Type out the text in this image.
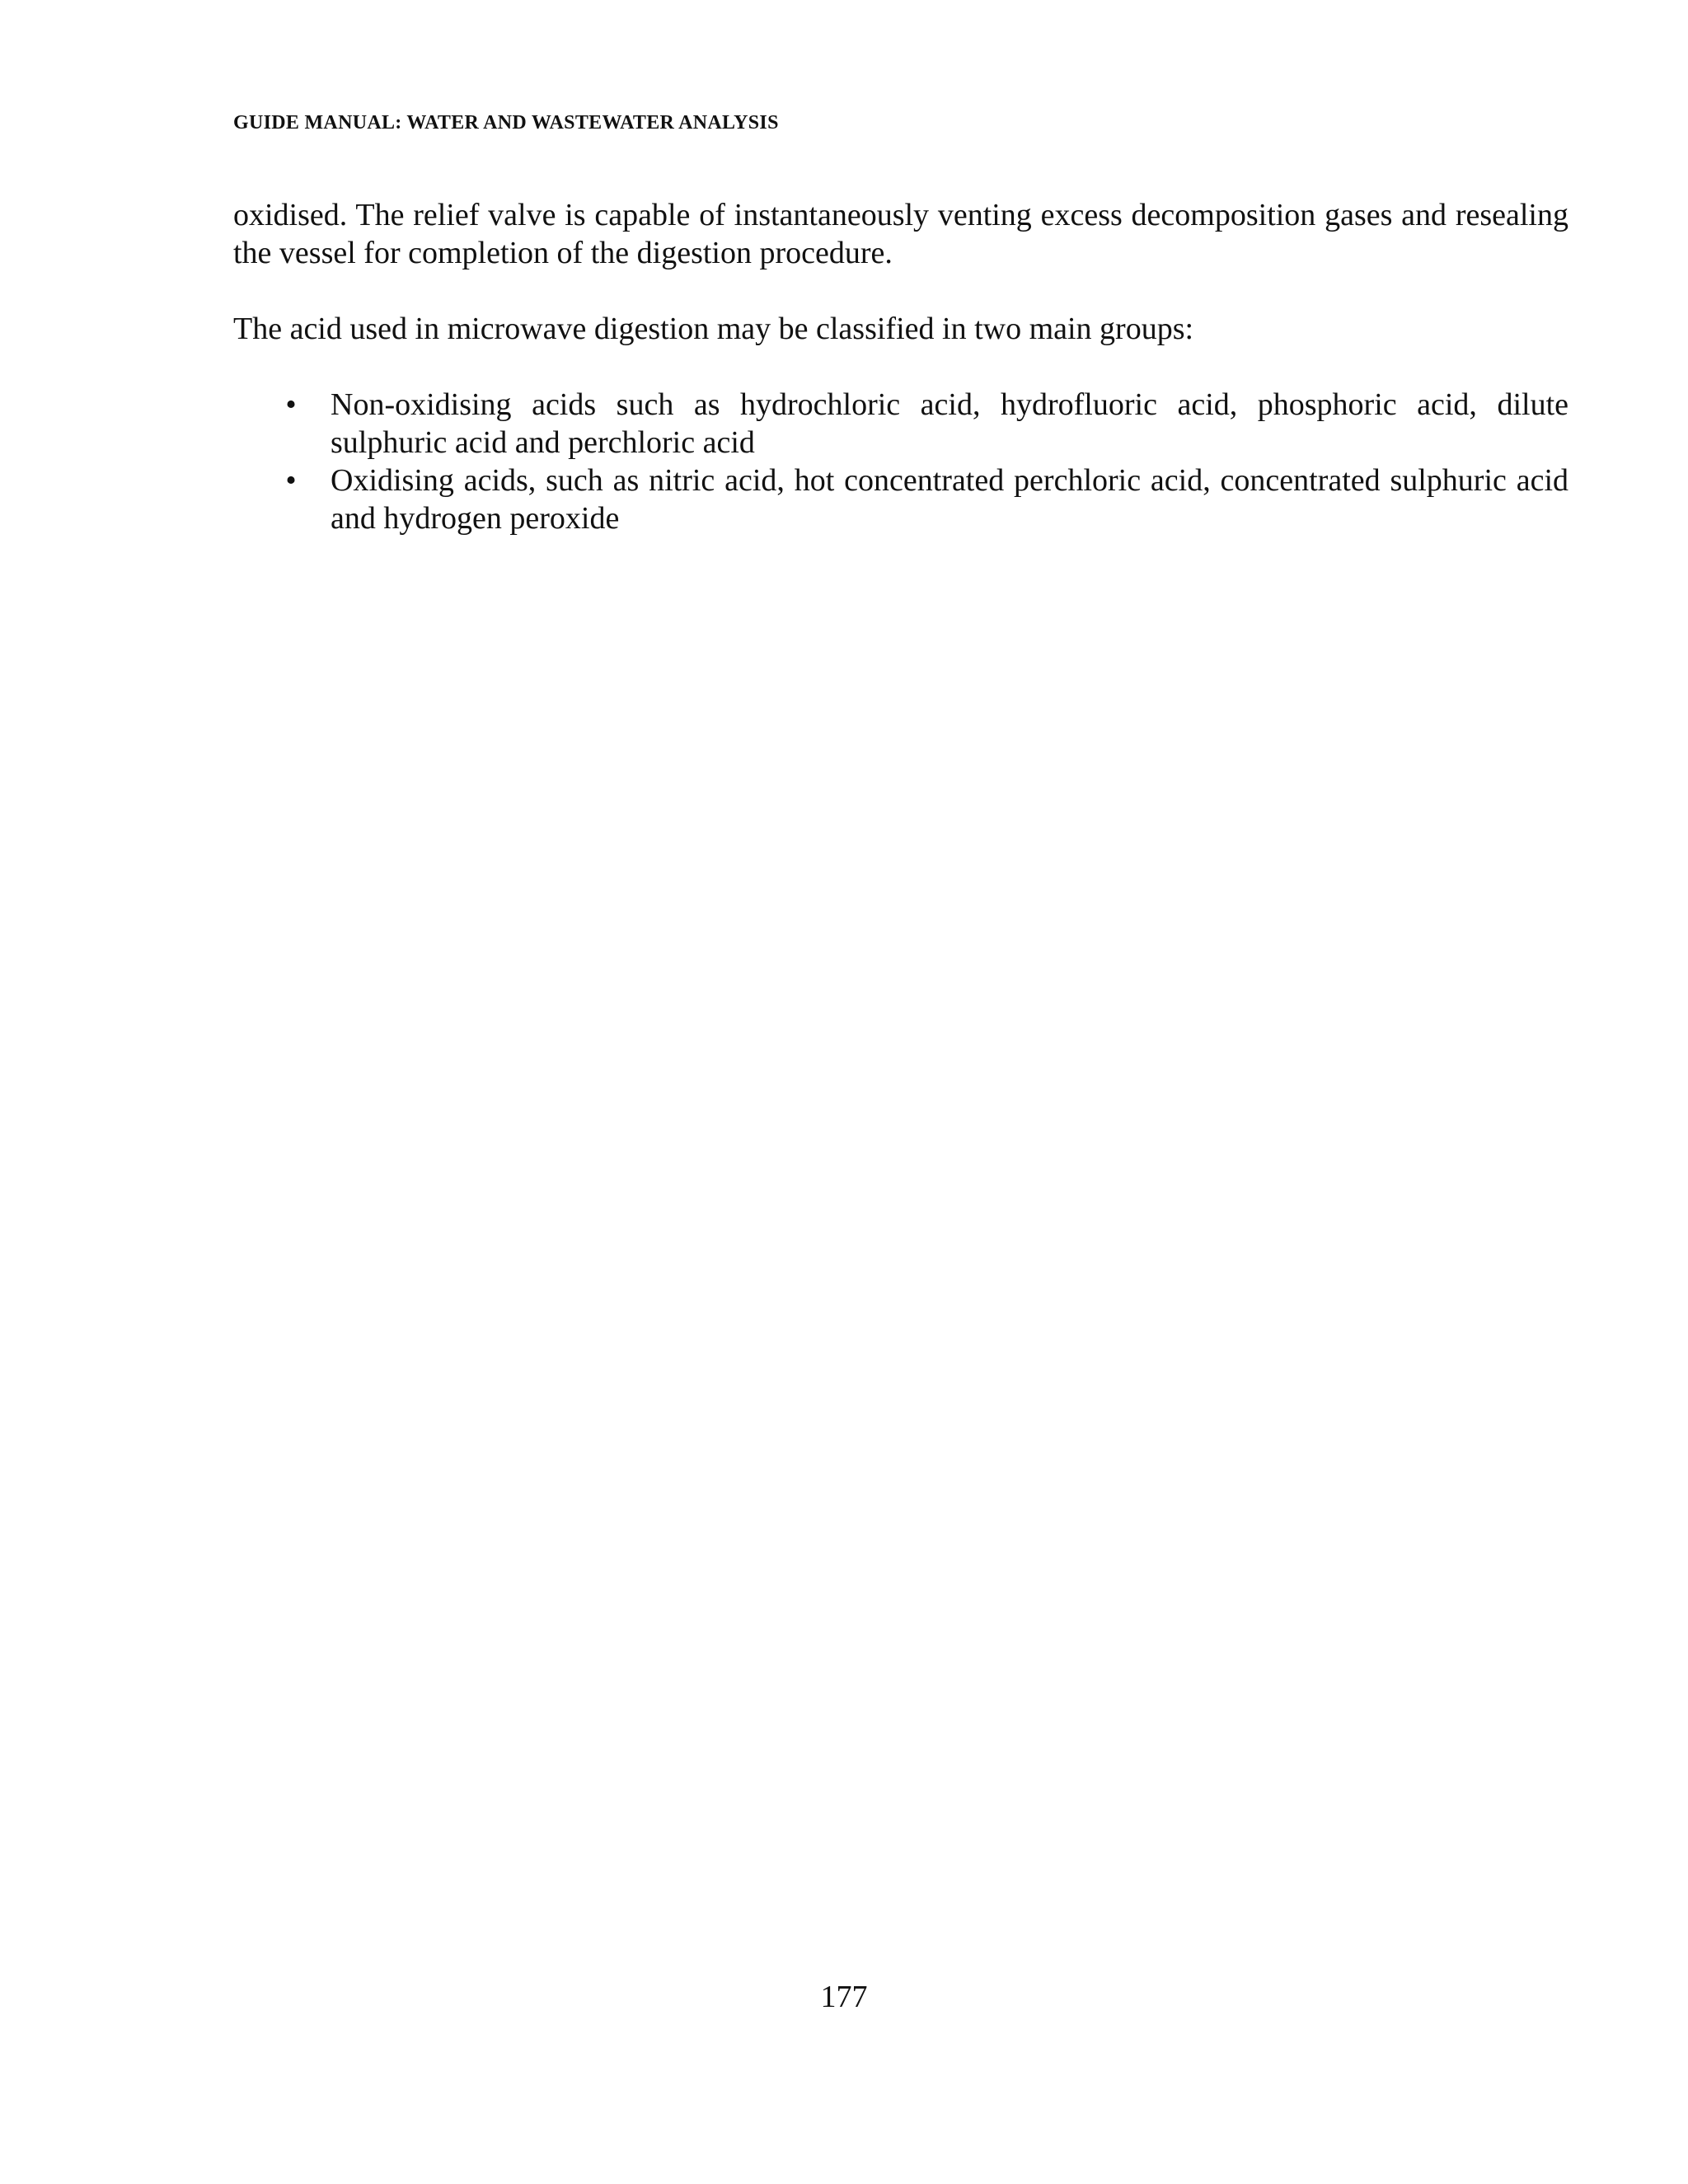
GUIDE MANUAL: WATER AND WASTEWATER ANALYSIS

oxidised. The relief valve is capable of instantaneously venting excess decomposition gases and resealing the vessel for completion of the digestion procedure.

The acid used in microwave digestion may be classified in two main groups:

• Non-oxidising acids such as hydrochloric acid, hydrofluoric acid, phosphoric acid, dilute sulphuric acid and perchloric acid
• Oxidising acids, such as nitric acid, hot concentrated perchloric acid, concentrated sulphuric acid and hydrogen peroxide
177
